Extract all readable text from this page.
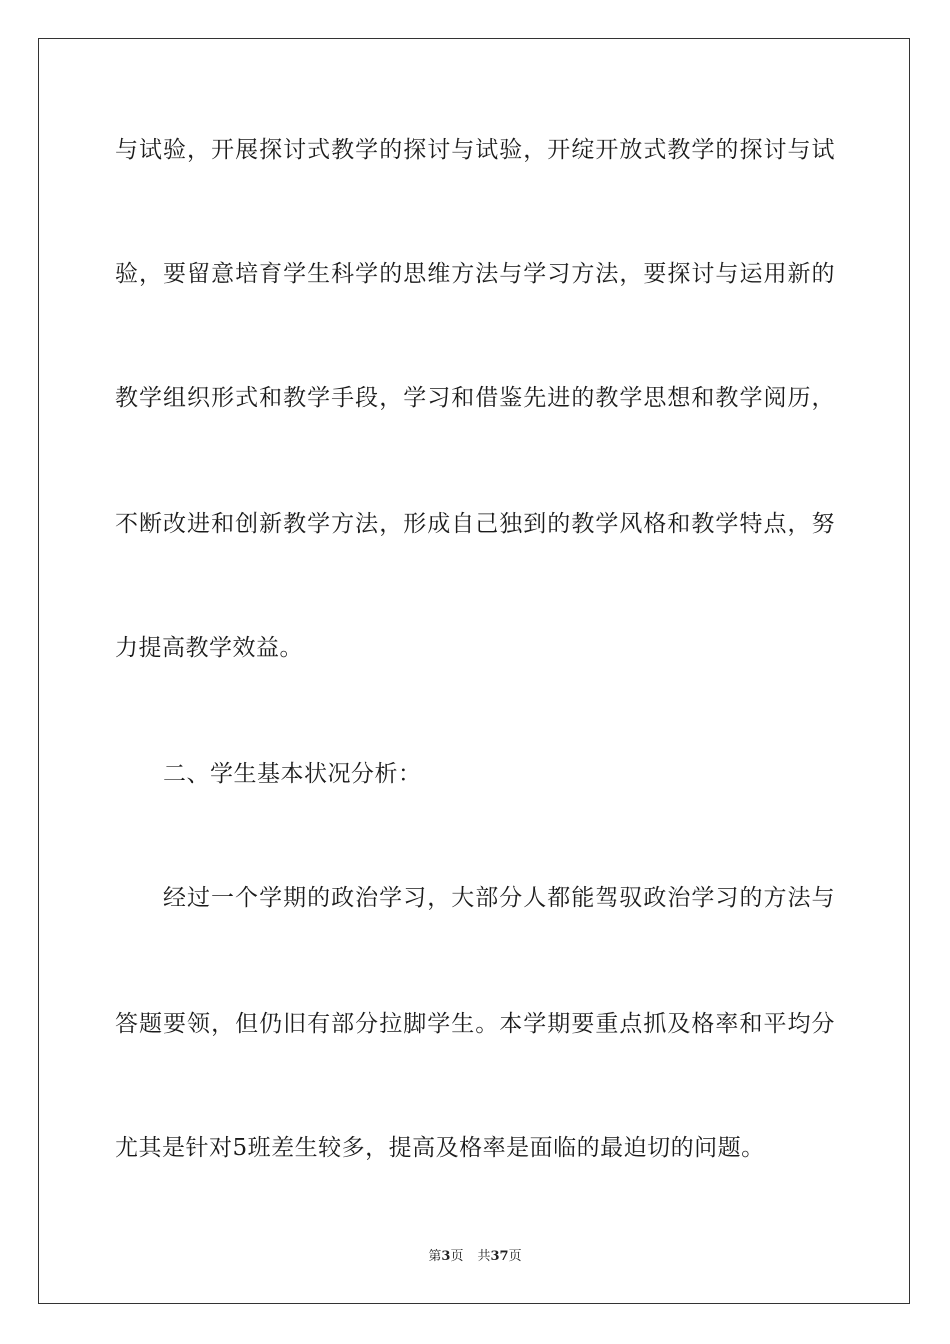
与试验，开展探讨式教学的探讨与试验，开绽开放式教学的探讨与试
验，要留意培育学生科学的思维方法与学习方法，要探讨与运用新的
教学组织形式和教学手段，学习和借鉴先进的教学思想和教学阅历，
不断改进和创新教学方法，形成自己独到的教学风格和教学特点，努
力提高教学效益。
二、学生基本状况分析：
经过一个学期的政治学习，大部分人都能驾驭政治学习的方法与
答题要领，但仍旧有部分拉脚学生。本学期要重点抓及格率和平均分
尤其是针对5班差生较多，提高及格率是面临的最迫切的问题。
第3页 共37页
